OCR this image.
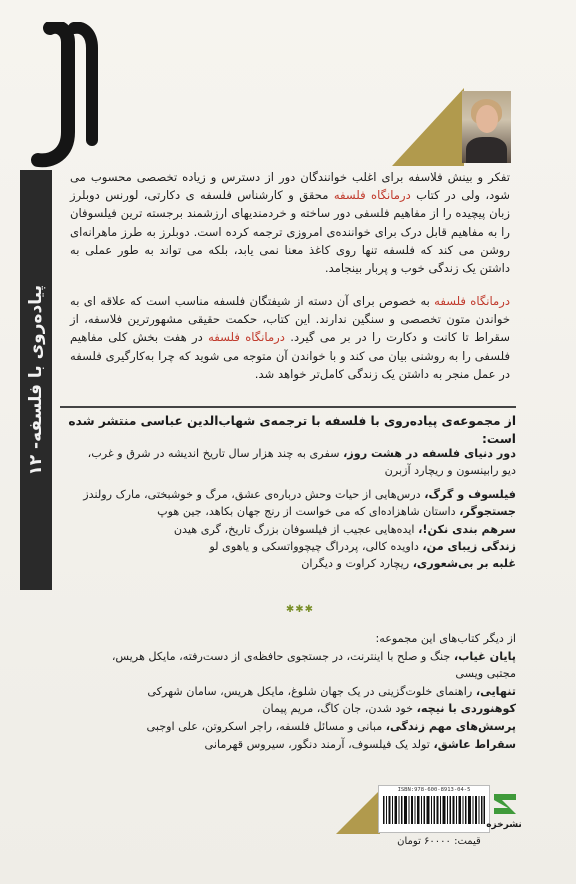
پیاده‌روی با فلسفه- ۱۲
تفکر و بینش فلاسفه برای اغلب خوانندگان دور از دسترس و زیاده تخصصی محسوب می شود، ولی در کتاب درمانگاه فلسفه محقق و کارشناس فلسفه ی دکارتی، لورنس دوبلرز زبان پیچیده را از مفاهیم فلسفی دور ساخته و خردمندیهای ارزشمند برجسته ترین فیلسوفان را به مفاهیم قابل درک برای خواننده‌ی امروزی ترجمه کرده است. دوبلرز به طرز ماهرانه‌ای روشن می کند که فلسفه تنها روی کاغذ معنا نمی یابد، بلکه می تواند به طور عملی به داشتن یک زندگی خوب و پربار بینجامد.
درمانگاه فلسفه به خصوص برای آن دسته از شیفتگان فلسفه مناسب است که علاقه ای به خواندن متون تخصصی و سنگین ندارند. این کتاب، حکمت حقیقی مشهورترین فلاسفه، از سقراط تا کانت و دکارت را در بر می گیرد. درمانگاه فلسفه در هفت بخش کلی مفاهیم فلسفی را به روشنی بیان می کند و با خواندن آن متوجه می شوید که چرا به‌کارگیری فلسفه در عمل منجر به داشتن یک زندگی کامل‌تر خواهد شد.
از مجموعه‌ی پیاده‌روی با فلسفه با ترجمه‌ی شهاب‌الدین عباسی منتشر شده است:
دور دنیای فلسفه در هشت روز، سفری به چند هزار سال تاریخ اندیشه در شرق و غرب،
دیو رابینسون و ریچارد آزبرن
فیلسوف و گرگ، درس‌هایی از حیات وحش درباره‌ی عشق، مرگ و خوشبختی، مارک رولندز
جستجوگر، داستان شاهزاده‌ای که می خواست از رنج جهان بکاهد، جین هوپ
سرهم بندی نکن!، ایده‌هایی عجیب از فیلسوفان بزرگ تاریخ، گری هیدن
زندگی زیبای من، داویده کالی، پردراگ چیچوواتسکی و یاهوی لو
غلبه بر بی‌شعوری، ریچارد کراوت و دیگران
✱✱✱
از دیگر کتاب‌های این مجموعه:
پایان غیاب، جنگ و صلح با اینترنت، در جستجوی حافظه‌ی از دست‌رفته، مایکل هریس،
مجتبی ویسی
تنهایی، راهنمای خلوت‌گزینی در یک جهان شلوغ، مایکل هریس، سامان شهرکی
کوهنوردی با نیچه، خود شدن، جان کاگ، مریم پیمان
پرسش‌های مهم زندگی، مبانی و مسائل فلسفه، راجر اسکروتن، علی اوجبی
سقراط عاشق، تولد یک فیلسوف، آرمند دنگور، سیروس قهرمانی
ISBN:978-600-8913-04-5
قیمت: ۶۰۰۰۰ تومان
نشرخزه
